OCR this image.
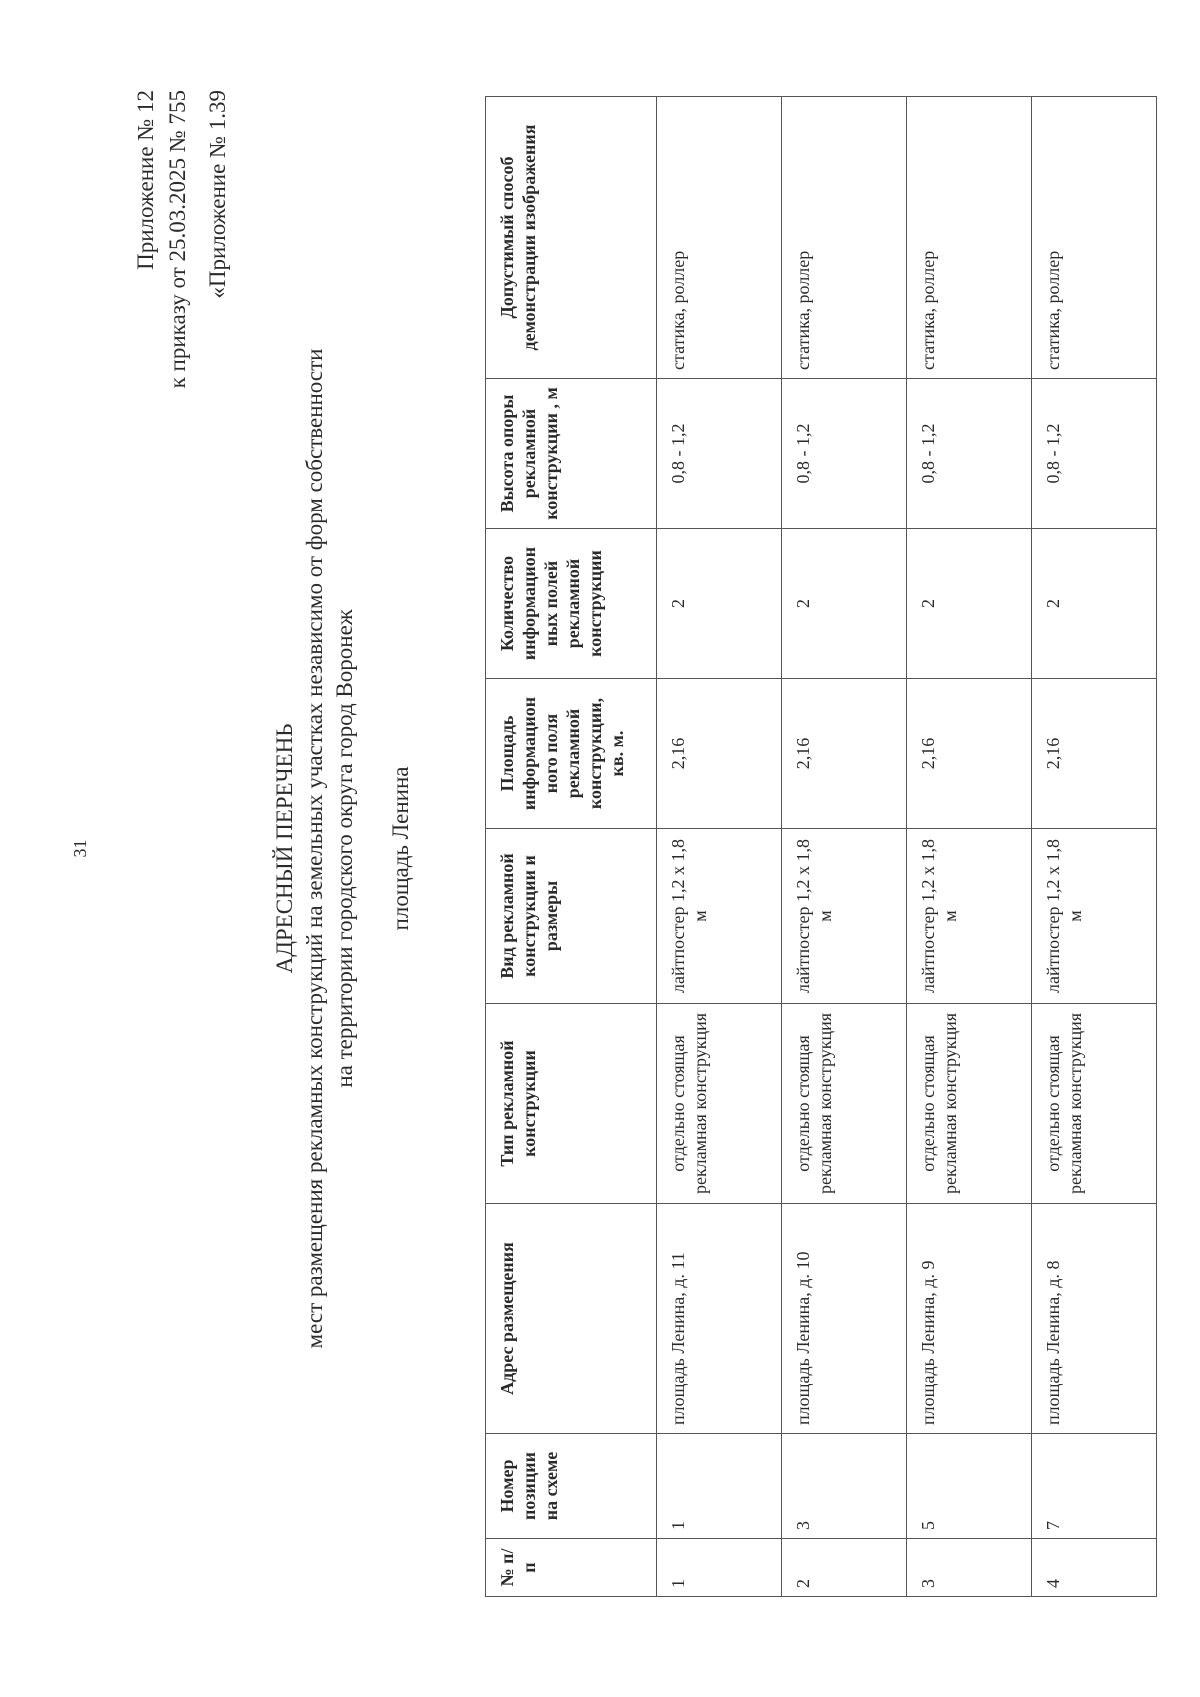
31
Приложение № 12 к приказу от 25.03.2025 № 755 «Приложение № 1.39
АДРЕСНЫЙ ПЕРЕЧЕНЬ мест размещения рекламных конструкций на земельных участках независимо от форм собственности на территории городского округа город Воронеж площадь Ленина
№ п/п	Номер позиции на схеме	Адрес размещения	Тип рекламной конструкции	Вид рекламной конструкции и размеры	Площадь информацион ного поля рекламной конструкции, кв. м.	Количество информацион ных полей рекламной конструкции	Высота опоры рекламной конструкции , м	Допустимый способ демонстрации изображения
1	1	площадь Ленина, д. 11	отдельно стоящая рекламная конструкция	лайтпостер 1,2 х 1,8 м	2,16	2	0,8 - 1,2	статика, роллер
2	3	площадь Ленина, д. 10	отдельно стоящая рекламная конструкция	лайтпостер 1,2 х 1,8 м	2,16	2	0,8 - 1,2	статика, роллер
3	5	площадь Ленина, д. 9	отдельно стоящая рекламная конструкция	лайтпостер 1,2 х 1,8 м	2,16	2	0,8 - 1,2	статика, роллер
4	7	площадь Ленина, д. 8	отдельно стоящая рекламная конструкция	лайтпостер 1,2 х 1,8 м	2,16	2	0,8 - 1,2	статика, роллер
